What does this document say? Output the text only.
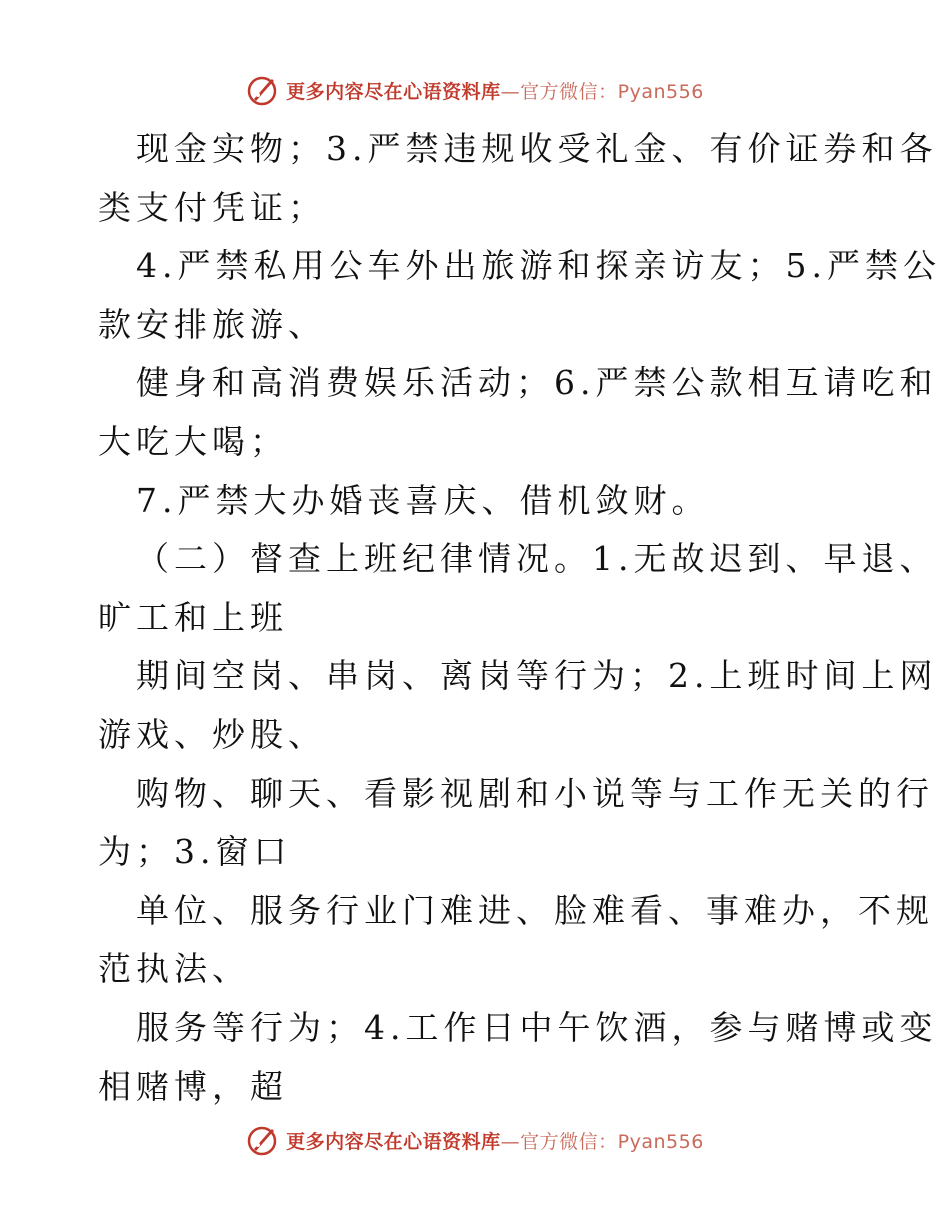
更多内容尽在心语资料库—官方微信：Pyan556
现金实物；3.严禁违规收受礼金、有价证券和各
类支付凭证；
4.严禁私用公车外出旅游和探亲访友；5.严禁公
款安排旅游、
健身和高消费娱乐活动；6.严禁公款相互请吃和
大吃大喝；
7.严禁大办婚丧喜庆、借机敛财。
（二）督查上班纪律情况。1.无故迟到、早退、
旷工和上班
期间空岗、串岗、离岗等行为；2.上班时间上网
游戏、炒股、
购物、聊天、看影视剧和小说等与工作无关的行
为；3.窗口
单位、服务行业门难进、脸难看、事难办，不规
范执法、
服务等行为；4.工作日中午饮酒，参与赌博或变
相赌博，超
更多内容尽在心语资料库—官方微信：Pyan556
